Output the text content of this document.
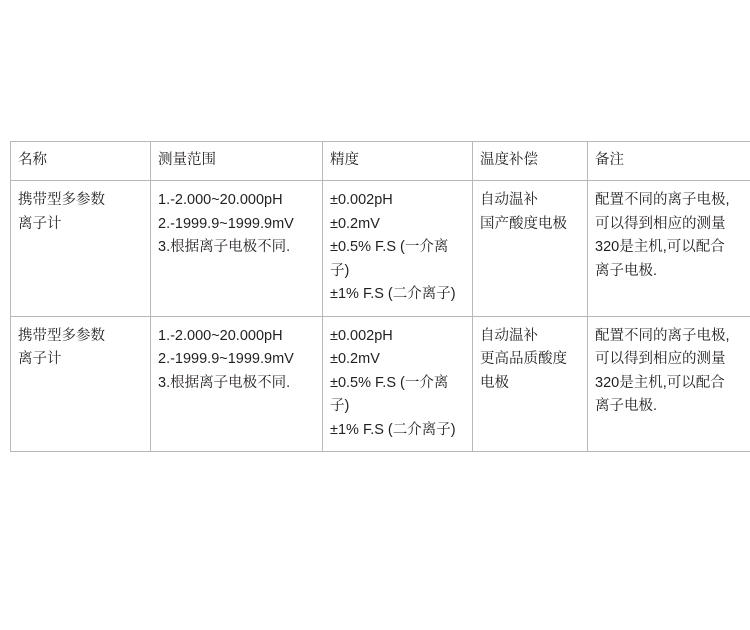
名称	测量范围	精度	温度补偿	备注

携带型多参数
离子计	1.-2.000~20.000pH
2.-1999.9~1999.9mV
3.根据离子电极不同.	±0.002pH
±0.2mV
±0.5% F.S (一介离子)
±1% F.S (二介离子)	自动温补
国产酸度电极	配置不同的离子电极,
可以得到相应的测量
320是主机,可以配合
离子电极.

携带型多参数
离子计	1.-2.000~20.000pH
2.-1999.9~1999.9mV
3.根据离子电极不同.	±0.002pH
±0.2mV
±0.5% F.S (一介离子)
±1% F.S (二介离子)	自动温补
更高品质酸度
电极	配置不同的离子电极,
可以得到相应的测量
320是主机,可以配合
离子电极.
